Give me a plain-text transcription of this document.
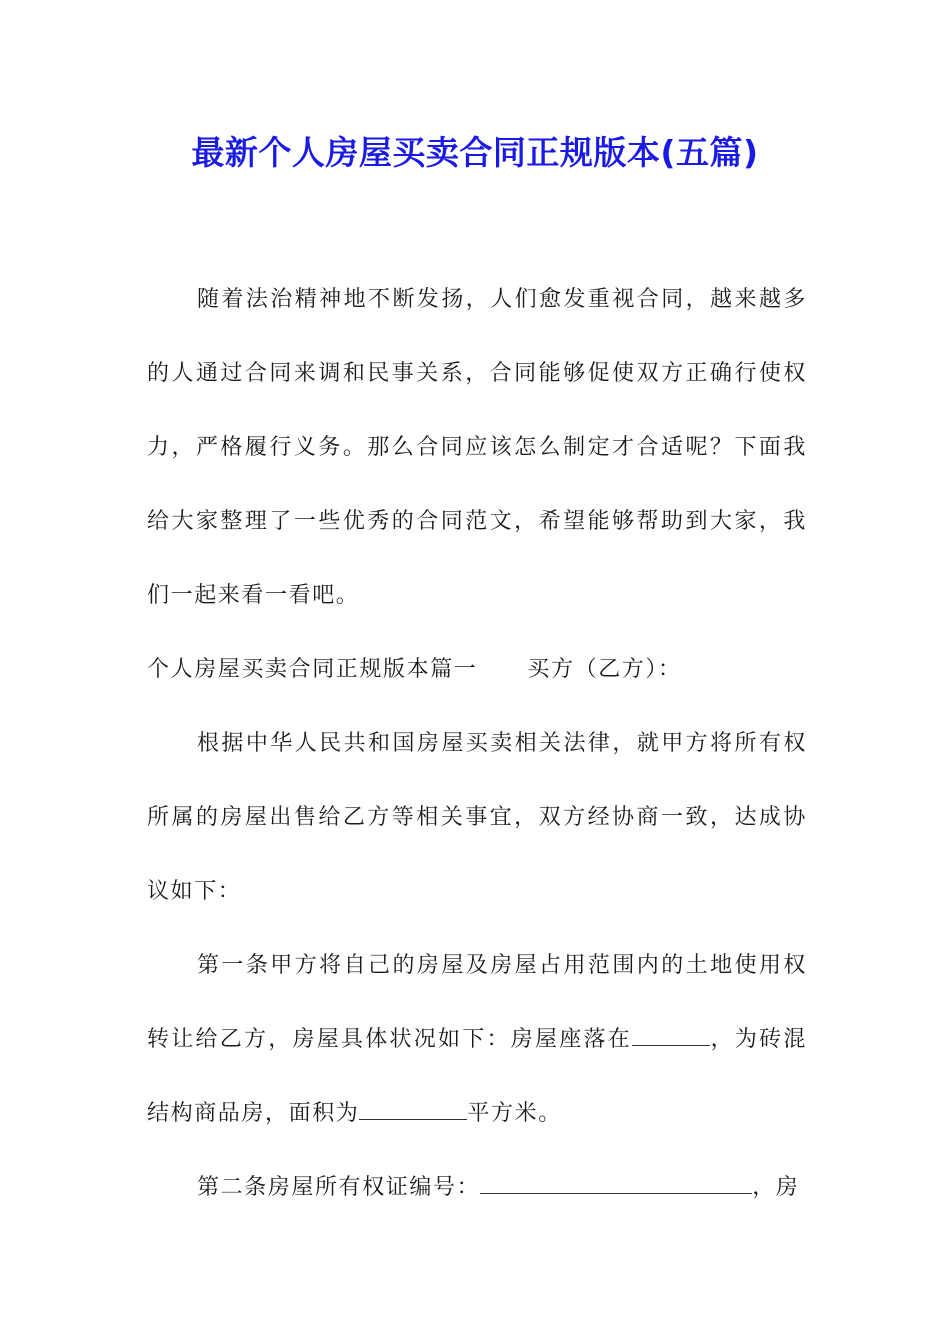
最新个人房屋买卖合同正规版本(五篇)

随着法治精神地不断发扬，人们愈发重视合同，越来越多的人通过合同来调和民事关系，合同能够促使双方正确行使权力，严格履行义务。那么合同应该怎么制定才合适呢？下面我给大家整理了一些优秀的合同范文，希望能够帮助到大家，我们一起来看一看吧。

个人房屋买卖合同正规版本篇一 买方（乙方）：

根据中华人民共和国房屋买卖相关法律，就甲方将所有权所属的房屋出售给乙方等相关事宜，双方经协商一致，达成协议如下：

第一条甲方将自己的房屋及房屋占用范围内的土地使用权转让给乙方，房屋具体状况如下：房屋座落在	，为砖混结构商品房，面积为	平方米。

第二条房屋所有权证编号：	，房
